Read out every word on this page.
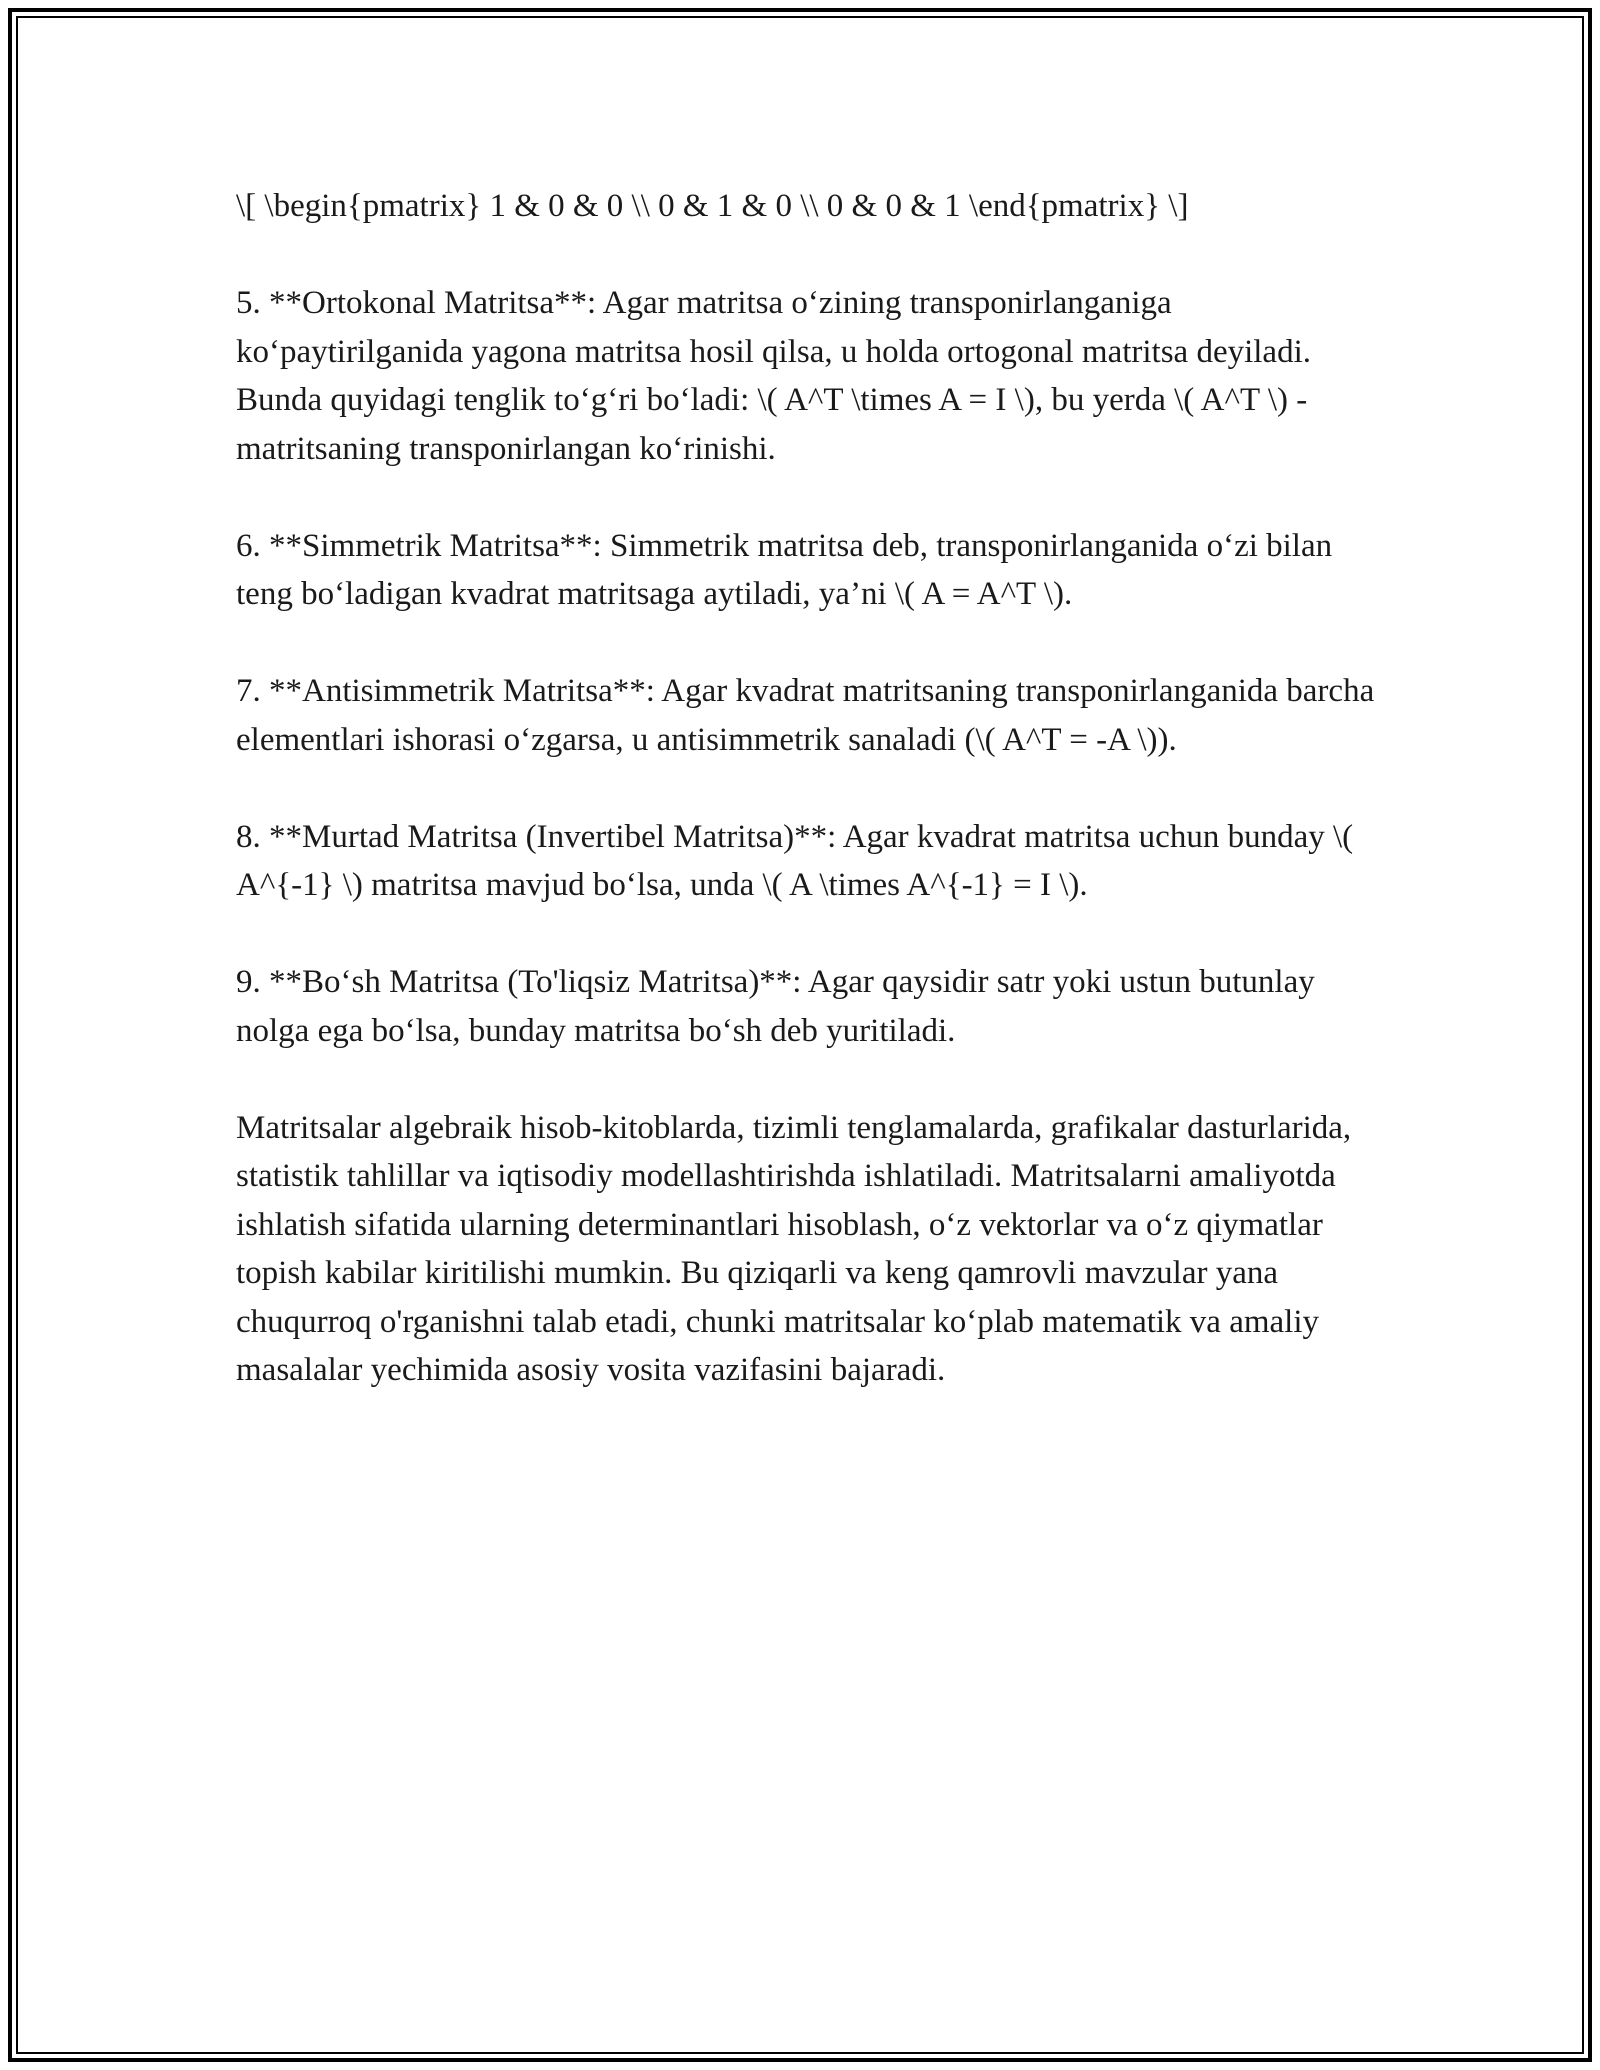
\[ \begin{pmatrix} 1 & 0 & 0 \\ 0 & 1 & 0 \\ 0 & 0 & 1 \end{pmatrix} \]

5. **Ortokonal Matritsa**: Agar matritsa o‘zining transponirlanganiga ko‘paytirilganida yagona matritsa hosil qilsa, u holda ortogonal matritsa deyiladi. Bunda quyidagi tenglik to‘g‘ri bo‘ladi: \( A^T \times A = I \), bu yerda \( A^T \) - matritsaning transponirlangan ko‘rinishi.

6. **Simmetrik Matritsa**: Simmetrik matritsa deb, transponirlanganida o‘zi bilan teng bo‘ladigan kvadrat matritsaga aytiladi, ya’ni \( A = A^T \).

7. **Antisimmetrik Matritsa**: Agar kvadrat matritsaning transponirlanganida barcha elementlari ishorasi o‘zgarsa, u antisimmetrik sanaladi (\( A^T = -A \)).

8. **Murtad Matritsa (Invertibel Matritsa)**: Agar kvadrat matritsa uchun bunday \( A^{-1} \) matritsa mavjud bo‘lsa, unda \( A \times A^{-1} = I \).

9. **Bo‘sh Matritsa (To'liqsiz Matritsa)**: Agar qaysidir satr yoki ustun butunlay nolga ega bo‘lsa, bunday matritsa bo‘sh deb yuritiladi.

Matritsalar algebraik hisob-kitoblarda, tizimli tenglamalarda, grafikalar dasturlarida, statistik tahlillar va iqtisodiy modellashtirishda ishlatiladi. Matritsalarni amaliyotda ishlatish sifatida ularning determinantlari hisoblash, o‘z vektorlar va o‘z qiymatlar topish kabilar kiritilishi mumkin. Bu qiziqarli va keng qamrovli mavzular yana chuqurroq o'rganishni talab etadi, chunki matritsalar ko‘plab matematik va amaliy masalalar yechimida asosiy vosita vazifasini bajaradi.
